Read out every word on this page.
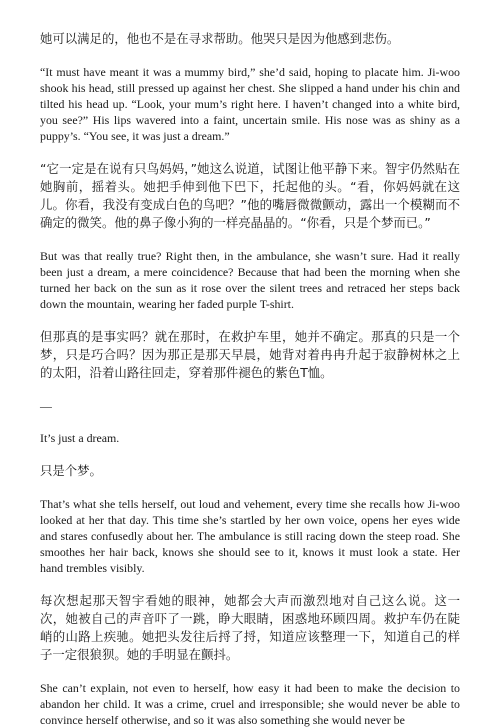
她可以满足的，他也不是在寻求帮助。他哭只是因为他感到悲伤。

“It must have meant it was a mummy bird,” she’d said, hoping to placate him. Ji-woo shook his head, still pressed up against her chest. She slipped a hand under his chin and tilted his head up. “Look, your mum’s right here. I haven’t changed into a white bird, you see?” His lips wavered into a faint, uncertain smile. His nose was as shiny as a puppy’s. “You see, it was just a dream.”

“它一定是在说有只鸟妈妈，”她这么说道，试图让他平静下来。智宇仍然贴在她胸前，摇着头。她把手伸到他下巴下，托起他的头。“看，你妈妈就在这儿。你看，我没有变成白色的鸟吧？”他的嘴唇微微颤动，露出一个模糊而不确定的微笑。他的鼻子像小狗的一样亮晶晶的。“你看，只是个梦而已。”

But was that really true? Right then, in the ambulance, she wasn’t sure. Had it really been just a dream, a mere coincidence? Because that had been the morning when she turned her back on the sun as it rose over the silent trees and retraced her steps back down the mountain, wearing her faded purple T-shirt.

但那真的是事实吗？就在那时，在救护车里，她并不确定。那真的只是一个梦，只是巧合吗？因为那正是那天早晨，她背对着冉冉升起于寂静树林之上的太阳，沿着山路往回走，穿着那件褪色的紫色T恤。

—

It’s just a dream.

只是个梦。

That’s what she tells herself, out loud and vehement, every time she recalls how Ji-woo looked at her that day. This time she’s startled by her own voice, opens her eyes wide and stares confusedly about her. The ambulance is still racing down the steep road. She smoothes her hair back, knows she should see to it, knows it must look a state. Her hand trembles visibly.

每次想起那天智宇看她的眼神，她都会大声而激烈地对自己这么说。这一次，她被自己的声音吓了一跳，睁大眼睛，困惑地环顾四周。救护车仍在陡峭的山路上疾驰。她把头发往后捋了捋，知道应该整理一下，知道自己的样子一定很狼狈。她的手明显在颤抖。

She can’t explain, not even to herself, how easy it had been to make the decision to abandon her child. It was a crime, cruel and irresponsible; she would never be able to convince herself otherwise, and so it was also something she would never be
